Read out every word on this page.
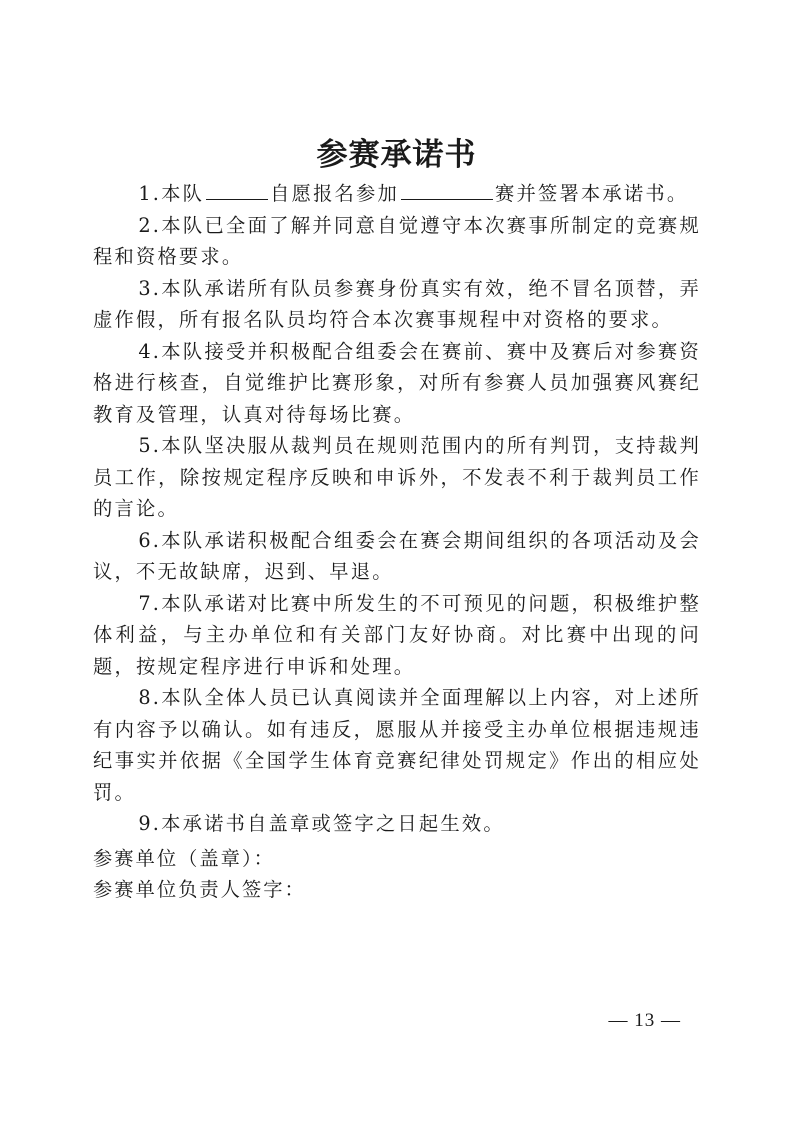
参赛承诺书

1.本队	自愿报名参加	赛并签署本承诺书。

2.本队已全面了解并同意自觉遵守本次赛事所制定的竞赛规程和资格要求。

3.本队承诺所有队员参赛身份真实有效，绝不冒名顶替，弄虚作假，所有报名队员均符合本次赛事规程中对资格的要求。

4.本队接受并积极配合组委会在赛前、赛中及赛后对参赛资格进行核查，自觉维护比赛形象，对所有参赛人员加强赛风赛纪教育及管理，认真对待每场比赛。

5.本队坚决服从裁判员在规则范围内的所有判罚，支持裁判员工作，除按规定程序反映和申诉外，不发表不利于裁判员工作的言论。

6.本队承诺积极配合组委会在赛会期间组织的各项活动及会议，不无故缺席，迟到、早退。

7.本队承诺对比赛中所发生的不可预见的问题，积极维护整体利益，与主办单位和有关部门友好协商。对比赛中出现的问题，按规定程序进行申诉和处理。

8.本队全体人员已认真阅读并全面理解以上内容，对上述所有内容予以确认。如有违反，愿服从并接受主办单位根据违规违纪事实并依据《全国学生体育竞赛纪律处罚规定》作出的相应处罚。

9.本承诺书自盖章或签字之日起生效。

参赛单位（盖章）：

参赛单位负责人签字：

— 13 —
